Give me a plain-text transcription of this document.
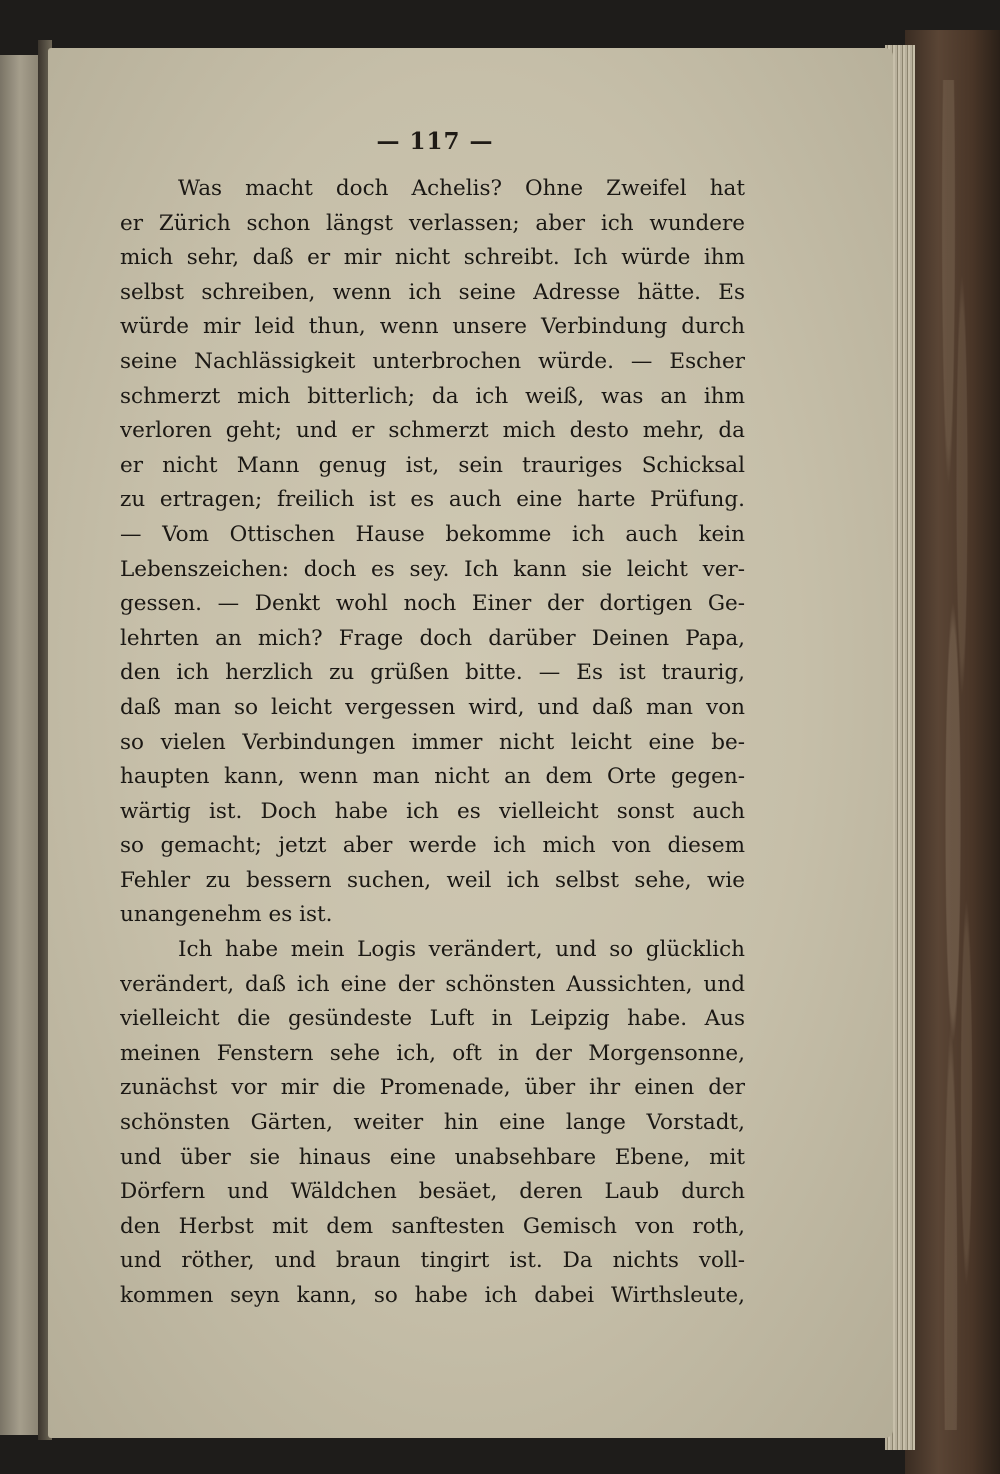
— 117 —
Was macht doch Achelis? Ohne Zweifel hat
er Zürich schon längst verlassen; aber ich wundere
mich sehr, daß er mir nicht schreibt. Ich würde ihm
selbst schreiben, wenn ich seine Adresse hätte. Es
würde mir leid thun, wenn unsere Verbindung durch
seine Nachlässigkeit unterbrochen würde. — Escher
schmerzt mich bitterlich; da ich weiß, was an ihm
verloren geht; und er schmerzt mich desto mehr, da
er nicht Mann genug ist, sein trauriges Schicksal
zu ertragen; freilich ist es auch eine harte Prüfung.
— Vom Ottischen Hause bekomme ich auch kein
Lebenszeichen: doch es sey. Ich kann sie leicht ver-
gessen. — Denkt wohl noch Einer der dortigen Ge-
lehrten an mich? Frage doch darüber Deinen Papa,
den ich herzlich zu grüßen bitte. — Es ist traurig,
daß man so leicht vergessen wird, und daß man von
so vielen Verbindungen immer nicht leicht eine be-
haupten kann, wenn man nicht an dem Orte gegen-
wärtig ist. Doch habe ich es vielleicht sonst auch
so gemacht; jetzt aber werde ich mich von diesem
Fehler zu bessern suchen, weil ich selbst sehe, wie
unangenehm es ist.
Ich habe mein Logis verändert, und so glücklich
verändert, daß ich eine der schönsten Aussichten, und
vielleicht die gesündeste Luft in Leipzig habe. Aus
meinen Fenstern sehe ich, oft in der Morgensonne,
zunächst vor mir die Promenade, über ihr einen der
schönsten Gärten, weiter hin eine lange Vorstadt,
und über sie hinaus eine unabsehbare Ebene, mit
Dörfern und Wäldchen besäet, deren Laub durch
den Herbst mit dem sanftesten Gemisch von roth,
und röther, und braun tingirt ist. Da nichts voll-
kommen seyn kann, so habe ich dabei Wirthsleute,
